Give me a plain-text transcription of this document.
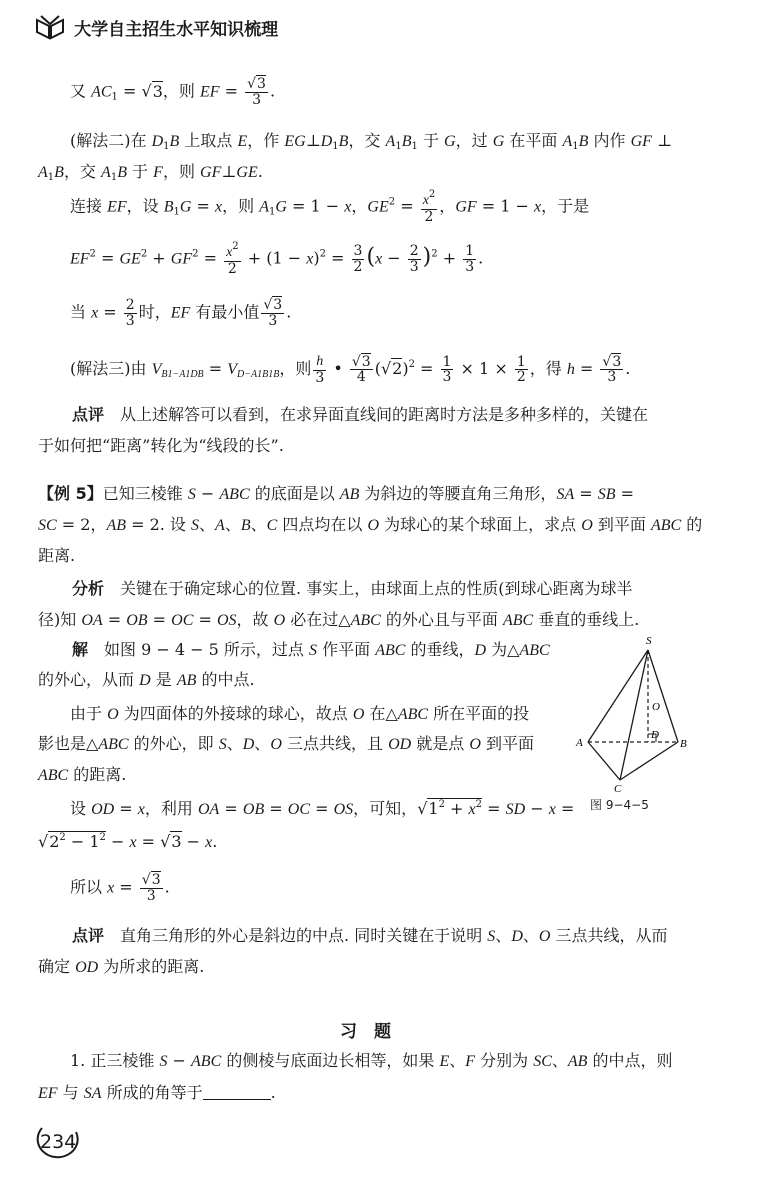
大学自主招生水平知识梳理
又 $AC_1 = √3$，则 EF = $\frac{√3}{3}$ .
(解法二)在 $D_1B$ 上取点 E，作 $EG\perp D_1B$，交 $A_1B_1$ 于 G，过 G 在平面 $A_1B$ 内作 GF ⊥
$A_1B$，交 $A_1B$ 于 F，则 GF⊥GE.
连接 EF，设 $B_1G = x$，则 $A_1G = 1 - x$，$GE^2 = \frac{x^2}{2}$ ，GF = 1 − x，于是
$EF^2 = GE^2 + GF^2 = \frac{x^2}{2} + (1 - x)^2 = \frac{3}{2} (x - \frac{2}{3} )^2 + \frac{1}{3}$ .
当 $x = \frac{2}{3}$ 时，EF 有最小值 $\frac{√3}{3}$ .
(解法三)由 $V_{B1-A1DB} = V_{D-A1B1B}$，则 $\frac{h}{3}$ • $\frac{√3}{4} (√2)^2 = \frac{1}{3} \times 1 \times \frac{1}{2}$ ，得 $h = \frac{√3}{3}$ .
点评　 从上述解答可以看到，在求异面直线间的距离时方法是多种多样的，关键在
于如何把“距离”转化为“线段的长”.
【例 5】已知三棱锥 S − ABC 的底面是以 AB 为斜边的等腰直角三角形，SA = SB =
SC = 2，AB = 2. 设 S、A、B、C 四点均在以 O 为球心的某个球面上，求点 O 到平面 ABC 的
距离.
分析　 关键在于确定球心的位置. 事实上，由球面上点的性质(到球心距离为球半
径)知 OA = OB = OC = OS，故 O 必在过△ABC 的外心且与平面 ABC 垂直的垂线上.
解　 如图 9 − 4 − 5 所示，过点 S 作平面 ABC 的垂线，D 为△ABC
的外心，从而 D 是 AB 的中点.
由于 O 为四面体的外接球的球心，故点 O 在△ABC 所在平面的投
影也是△ABC 的外心，即 S、D、O 三点共线，且 OD 就是点 O 到平面
ABC 的距离.
设 OD = x，利用 OA = OB = OC = OS，可知，$√1^2 + x^2$ = SD − x =
$√2^2 - 1^2 - x = √3 - x$.
所以 $x = \frac{√3}{3}$ .
S
O
A
D
B
C
图 9−4−5
点评　 直角三角形的外心是斜边的中点. 同时关键在于说明 S、D、O 三点共线，从而
确定 OD 为所求的距离.
习　题
1. 正三棱锥 S − ABC 的侧棱与底面边长相等，如果 E、F 分别为 SC、AB 的中点，则
EF 与 SA 所成的角等于	.
234
